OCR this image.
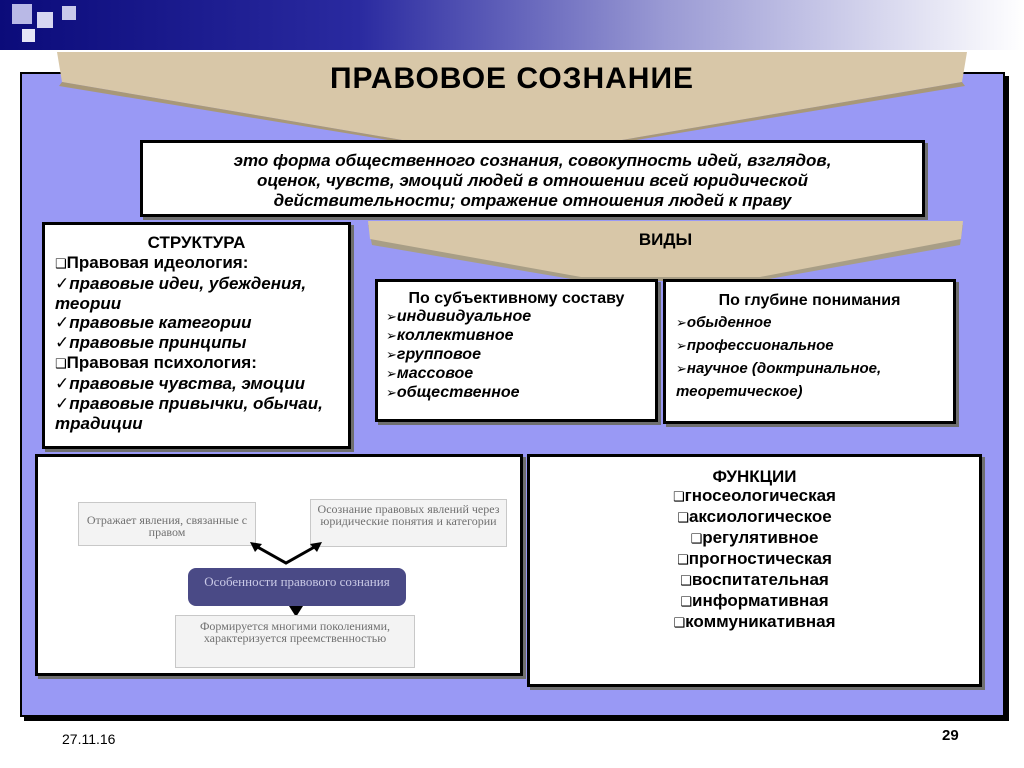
ПРАВОВОЕ СОЗНАНИЕ
это форма общественного сознания, совокупность идей, взглядов,
оценок, чувств, эмоций людей в отношении всей юридической
действительности; отражение отношения людей к праву
СТРУКТУРА
❑Правовая идеология:
✓правовые идеи, убеждения, теории
✓правовые категории
✓правовые принципы
❑Правовая психология:
✓правовые чувства, эмоции
✓правовые привычки, обычаи, традиции
ВИДЫ
По субъективному составу
➢индивидуальное
➢коллективное
➢групповое
➢массовое
➢общественное
По глубине понимания
➢обыденное
➢профессиональное
➢научное (доктринальное, теоретическое)
Отражает явления, связанные с правом
Осознание правовых явлений через юридические понятия и категории
Особенности правового сознания
Формируется многими поколениями, характеризуется преемственностью
ФУНКЦИИ
❑гносеологическая
❑аксиологическое
❑регулятивное
❑прогностическая
❑воспитательная
❑информативная
❑коммуникативная
27.11.16	29
